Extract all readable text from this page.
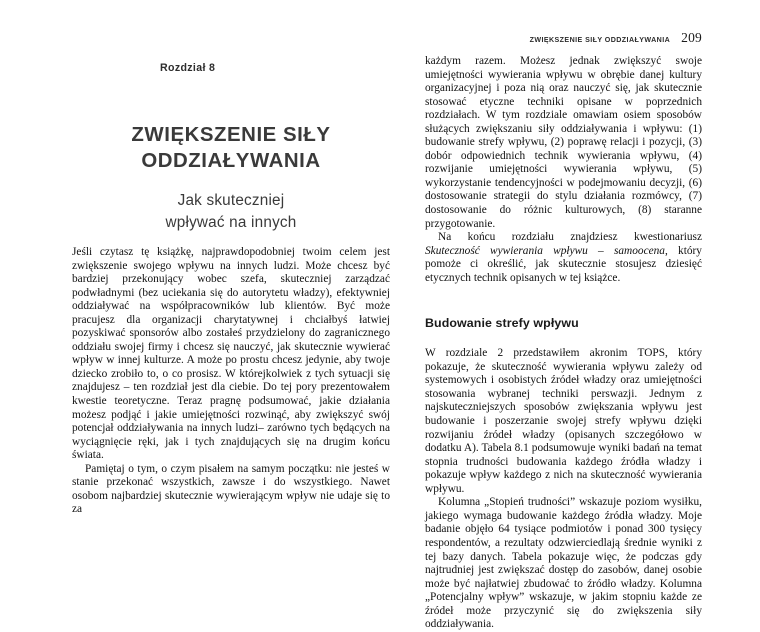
ZWIĘKSZENIE SIŁY ODDZIAŁYWANIA 209
Rozdział 8
ZWIĘKSZENIE SIŁY
ODDZIAŁYWANIA
Jak skuteczniej
wpływać na innych

Jeśli czytasz tę książkę, najprawdopodobniej twoim celem jest zwiększenie swojego wpływu na innych ludzi. Może chcesz być bardziej przekonujący wobec szefa, skuteczniej zarządzać podwładnymi (bez uciekania się do autorytetu władzy), efektywniej oddziaływać na współpracowników lub klientów. Być może pracujesz dla organizacji charytatywnej i chciałbyś łatwiej pozyskiwać sponsorów albo zostałeś przydzielony do zagranicznego oddziału swojej firmy i chcesz się nauczyć, jak skutecznie wywierać wpływ w innej kulturze. A może po prostu chcesz jedynie, aby twoje dziecko zrobiło to, o co prosisz. W którejkolwiek z tych sytuacji się znajdujesz – ten rozdział jest dla ciebie. Do tej pory prezentowałem kwestie teoretyczne. Teraz pragnę podsumować, jakie działania możesz podjąć i jakie umiejętności rozwinąć, aby zwiększyć swój potencjał oddziaływania na innych ludzi– zarówno tych będących na wyciągnięcie ręki, jak i tych znajdujących się na drugim końcu świata.

Pamiętaj o tym, o czym pisałem na samym początku: nie jesteś w stanie przekonać wszystkich, zawsze i do wszystkiego. Nawet osobom najbardziej skutecznie wywierającym wpływ nie udaje się to za

każdym razem. Możesz jednak zwiększyć swoje umiejętności wywierania wpływu w obrębie danej kultury organizacyjnej i poza nią oraz nauczyć się, jak skutecznie stosować etyczne techniki opisane w poprzednich rozdziałach. W tym rozdziale omawiam osiem sposobów służących zwiększaniu siły oddziaływania i wpływu: (1) budowanie strefy wpływu, (2) poprawę relacji i pozycji, (3) dobór odpowiednich technik wywierania wpływu, (4) rozwijanie umiejętności wywierania wpływu, (5) wykorzystanie tendencyjności w podejmowaniu decyzji, (6) dostosowanie strategii do stylu działania rozmówcy, (7) dostosowanie do różnic kulturowych, (8) staranne przygotowanie.

Na końcu rozdziału znajdziesz kwestionariusz Skuteczność wywierania wpływu – samoocena, który pomoże ci określić, jak skutecznie stosujesz dziesięć etycznych technik opisanych w tej książce.

Budowanie strefy wpływu

W rozdziale 2 przedstawiłem akronim TOPS, który pokazuje, że skuteczność wywierania wpływu zależy od systemowych i osobistych źródeł władzy oraz umiejętności stosowania wybranej techniki perswazji. Jednym z najskuteczniejszych sposobów zwiększania wpływu jest budowanie i poszerzanie swojej strefy wpływu dzięki rozwijaniu źródeł władzy (opisanych szczegółowo w dodatku A). Tabela 8.1 podsumowuje wyniki badań na temat stopnia trudności budowania każdego źródła władzy i pokazuje wpływ każdego z nich na skuteczność wywierania wpływu.

Kolumna „Stopień trudności” wskazuje poziom wysiłku, jakiego wymaga budowanie każdego źródła władzy. Moje badanie objęło 64 tysiące podmiotów i ponad 300 tysięcy respondentów, a rezultaty odzwierciedlają średnie wyniki z tej bazy danych. Tabela pokazuje więc, że podczas gdy najtrudniej jest zwiększać dostęp do zasobów, danej osobie może być najłatwiej zbudować to źródło władzy. Kolumna „Potencjalny wpływ” wskazuje, w jakim stopniu każde ze źródeł może przyczynić się do zwiększenia siły oddziaływania.
